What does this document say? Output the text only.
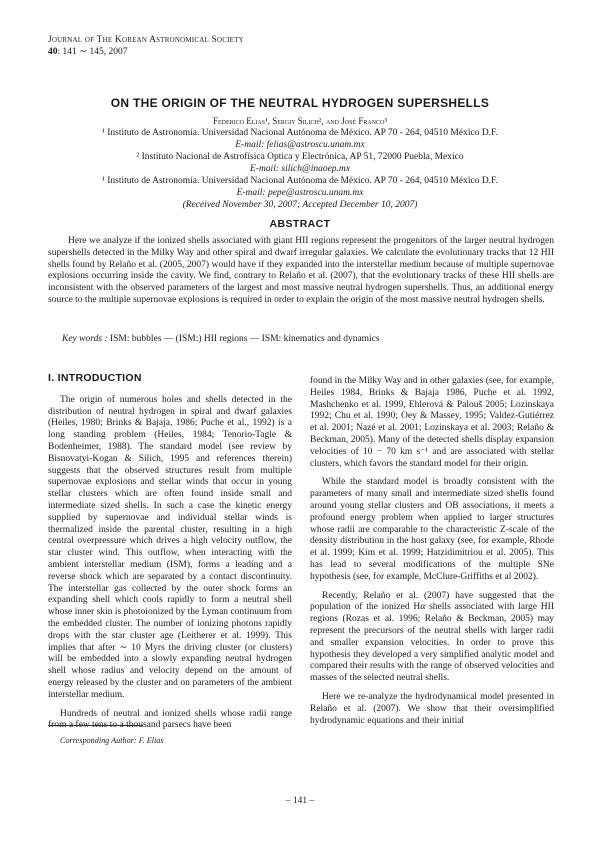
Journal of The Korean Astronomical Society
40: 141 ∼ 145, 2007
ON THE ORIGIN OF THE NEUTRAL HYDROGEN SUPERSHELLS
Federico Elias¹, Sergiy Silich², and José Franco³
¹ Instituto de Astronomía. Universidad Nacional Autónoma de México. AP 70 - 264, 04510 México D.F.
E-mail: felias@astroscu.unam.mx
² Instituto Nacional de Astrofísica Optica y Electrónica, AP 51, 72000 Puebla, Mexico
E-mail: silich@inaoep.mx
¹ Instituto de Astronomía. Universidad Nacional Autónoma de México. AP 70 - 264, 04510 México D.F.
E-mail: pepe@astroscu.unam.mx
(Received November 30, 2007; Accepted December 10, 2007)
ABSTRACT
Here we analyze if the ionized shells associated with giant HII regions represent the progenitors of the larger neutral hydrogen supershells detected in the Milky Way and other spiral and dwarf irregular galaxies. We calculate the evolutionary tracks that 12 HII shells found by Relaño et al. (2005, 2007) would have if they expanded into the interstellar medium because of multiple supernovae explosions occurring inside the cavity. We find, contrary to Relaño et al. (2007), that the evolutionary tracks of these HII shells are inconsistent with the observed parameters of the largest and most massive neutral hydrogen supershells. Thus, an additional energy source to the multiple supernovae explosions is required in order to explain the origin of the most massive neutral hydrogen shells.
Key words : ISM: bubbles — (ISM:) HII regions — ISM: kinematics and dynamics
I. INTRODUCTION

The origin of numerous holes and shells detected in the distribution of neutral hydrogen in spiral and dwarf galaxies (Heiles, 1980; Brinks & Bajaja, 1986; Puche et al., 1992) is a long standing problem (Heiles, 1984; Tenorio-Tagle & Bodenheimer, 1988). The standard model (see review by Bisnovatyi-Kogan & Silich, 1995 and references therein) suggests that the observed structures result from multiple supernovae explosions and stellar winds that occur in young stellar clusters which are often found inside small and intermediate sized shells. In such a case the kinetic energy supplied by supernovae and individual stellar winds is thermalized inside the parental cluster, resulting in a high central overpressure which drives a high velocity outflow, the star cluster wind. This outflow, when interacting with the ambient interstellar medium (ISM), forms a leading and a reverse shock which are separated by a contact discontinuity. The interstellar gas collected by the outer shock forms an expanding shell which cools rapidly to form a neutral shell whose inner skin is photoionized by the Lyman continuum from the embedded cluster. The number of ionizing photons rapidly drops with the star cluster age (Leitherer et al. 1999). This implies that after ∼ 10 Myrs the driving cluster (or clusters) will be embedded into a slowly expanding neutral hydrogen shell whose radius and velocity depend on the amount of energy released by the cluster and on parameters of the ambient interstellar medium.

Hundreds of neutral and ionized shells whose radii range from a few tens to a thousand parsecs have been

found in the Milky Way and in other galaxies (see, for example, Heiles 1984, Brinks & Bajaja 1986, Puche et al. 1992, Mashchenko et al. 1999, Ehlerová & Palouš 2005; Lozinskaya 1992; Chu et al. 1990; Oey & Massey, 1995; Valdez-Gutiérrez et al. 2001; Nazé et al. 2001; Lozinskaya et al. 2003; Relaño & Beckman, 2005). Many of the detected shells display expansion velocities of 10 − 70 km s⁻¹ and are associated with stellar clusters, which favors the standard model for their origin.

While the standard model is broadly consistent with the parameters of many small and intermediate sized shells found around young stellar clusters and OB associations, it meets a profound energy problem when applied to larger structures whose radii are comparable to the characteristic Z-scale of the density distribution in the host galaxy (see, for example, Rhode et al. 1999; Kim et al. 1999; Hatzidimitriou et al. 2005). This has lead to several modifications of the multiple SNe hypothesis (see, for example, McClure-Griffiths et al 2002).

Recently, Relaño et al. (2007) have suggested that the population of the ionized Hα shells associated with large HII regions (Rozas et al. 1996; Relaño & Beckman, 2005) may represent the precursors of the neutral shells with larger radii and smaller expansion velocities. In order to prove this hypothesis they developed a very simplified analytic model and compared their results with the range of observed velocities and masses of the selected neutral shells.

Here we re-analyze the hydrodynamical model presented in Relaño et al. (2007). We show that their oversimplified hydrodynamic equations and their initial

Corresponding Author: F. Elias
– 141 –
